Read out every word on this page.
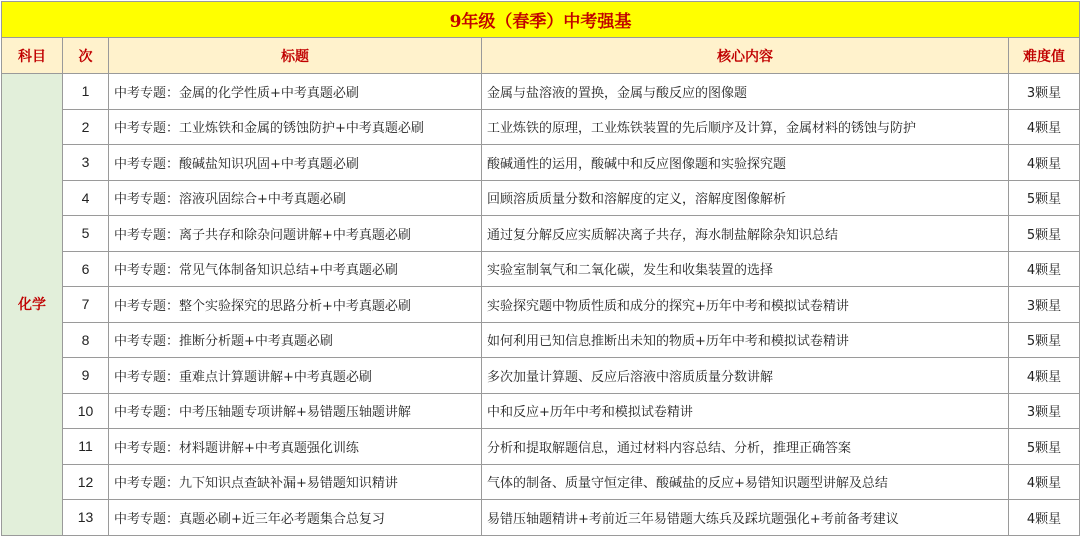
9年级（春季）中考强基				
科目	次	标题	核心内容	难度值
化学	1	中考专题：金属的化学性质+中考真题必刷	金属与盐溶液的置换，金属与酸反应的图像题	3颗星
	2	中考专题：工业炼铁和金属的锈蚀防护+中考真题必刷	工业炼铁的原理，工业炼铁装置的先后顺序及计算，金属材料的锈蚀与防护	4颗星
	3	中考专题：酸碱盐知识巩固+中考真题必刷	酸碱通性的运用，酸碱中和反应图像题和实验探究题	4颗星
	4	中考专题：溶液巩固综合+中考真题必刷	回顾溶质质量分数和溶解度的定义，溶解度图像解析	5颗星
	5	中考专题：离子共存和除杂问题讲解+中考真题必刷	通过复分解反应实质解决离子共存，海水制盐解除杂知识总结	5颗星
	6	中考专题：常见气体制备知识总结+中考真题必刷	实验室制氧气和二氧化碳，发生和收集装置的选择	4颗星
	7	中考专题：整个实验探究的思路分析+中考真题必刷	实验探究题中物质性质和成分的探究+历年中考和模拟试卷精讲	3颗星
	8	中考专题：推断分析题+中考真题必刷	如何利用已知信息推断出未知的物质+历年中考和模拟试卷精讲	5颗星
	9	中考专题：重难点计算题讲解+中考真题必刷	多次加量计算题、反应后溶液中溶质质量分数讲解	4颗星
	10	中考专题：中考压轴题专项讲解+易错题压轴题讲解	中和反应+历年中考和模拟试卷精讲	3颗星
	11	中考专题：材料题讲解+中考真题强化训练	分析和提取解题信息，通过材料内容总结、分析，推理正确答案	5颗星
	12	中考专题：九下知识点查缺补漏+易错题知识精讲	气体的制备、质量守恒定律、酸碱盐的反应+易错知识题型讲解及总结	4颗星
	13	中考专题：真题必刷+近三年必考题集合总复习	易错压轴题精讲+考前近三年易错题大练兵及踩坑题强化+考前备考建议	4颗星
